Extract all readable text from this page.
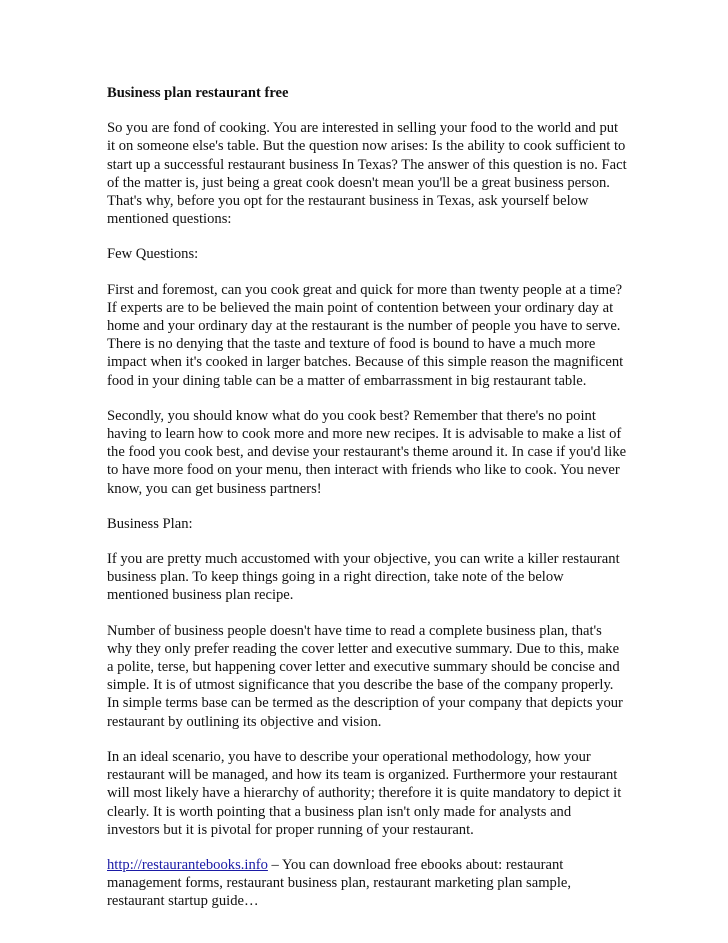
Business plan restaurant free

So you are fond of cooking. You are interested in selling your food to the world and put it on someone else's table. But the question now arises: Is the ability to cook sufficient to start up a successful restaurant business In Texas? The answer of this question is no. Fact of the matter is, just being a great cook doesn't mean you'll be a great business person. That's why, before you opt for the restaurant business in Texas, ask yourself below mentioned questions:

Few Questions:

First and foremost, can you cook great and quick for more than twenty people at a time? If experts are to be believed the main point of contention between your ordinary day at home and your ordinary day at the restaurant is the number of people you have to serve. There is no denying that the taste and texture of food is bound to have a much more impact when it's cooked in larger batches. Because of this simple reason the magnificent food in your dining table can be a matter of embarrassment in big restaurant table.

Secondly, you should know what do you cook best? Remember that there's no point having to learn how to cook more and more new recipes. It is advisable to make a list of the food you cook best, and devise your restaurant's theme around it. In case if you'd like to have more food on your menu, then interact with friends who like to cook. You never know, you can get business partners!

Business Plan:

If you are pretty much accustomed with your objective, you can write a killer restaurant business plan. To keep things going in a right direction, take note of the below mentioned business plan recipe.

Number of business people doesn't have time to read a complete business plan, that's why they only prefer reading the cover letter and executive summary. Due to this, make a polite, terse, but happening cover letter and executive summary should be concise and simple. It is of utmost significance that you describe the base of the company properly. In simple terms base can be termed as the description of your company that depicts your restaurant by outlining its objective and vision.

In an ideal scenario, you have to describe your operational methodology, how your restaurant will be managed, and how its team is organized. Furthermore your restaurant will most likely have a hierarchy of authority; therefore it is quite mandatory to depict it clearly. It is worth pointing that a business plan isn't only made for analysts and investors but it is pivotal for proper running of your restaurant.

http://restaurantebooks.info – You can download free ebooks about: restaurant management forms, restaurant business plan, restaurant marketing plan sample, restaurant startup guide…
